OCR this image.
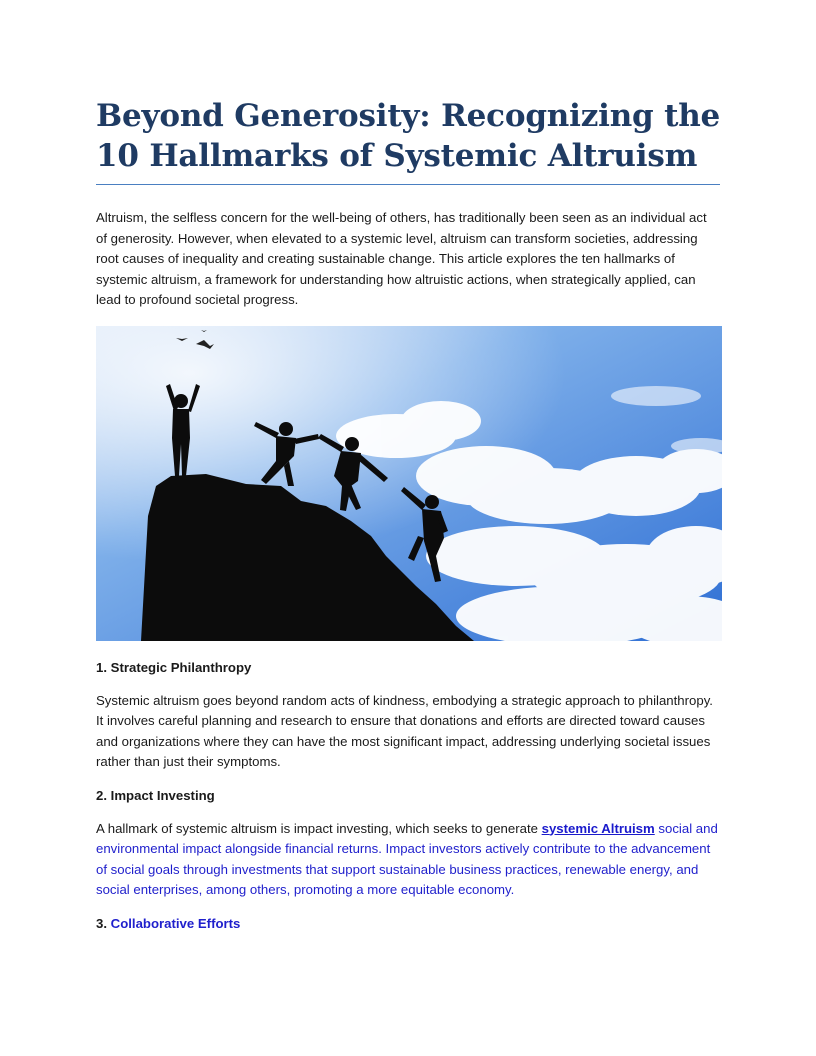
Beyond Generosity: Recognizing the 10 Hallmarks of Systemic Altruism

Altruism, the selfless concern for the well-being of others, has traditionally been seen as an individual act of generosity. However, when elevated to a systemic level, altruism can transform societies, addressing root causes of inequality and creating sustainable change. This article explores the ten hallmarks of systemic altruism, a framework for understanding how altruistic actions, when strategically applied, can lead to profound societal progress.

1. Strategic Philanthropy

Systemic altruism goes beyond random acts of kindness, embodying a strategic approach to philanthropy. It involves careful planning and research to ensure that donations and efforts are directed toward causes and organizations where they can have the most significant impact, addressing underlying societal issues rather than just their symptoms.

2. Impact Investing

A hallmark of systemic altruism is impact investing, which seeks to generate systemic Altruism social and environmental impact alongside financial returns. Impact investors actively contribute to the advancement of social goals through investments that support sustainable business practices, renewable energy, and social enterprises, among others, promoting a more equitable economy.

3. Collaborative Efforts
